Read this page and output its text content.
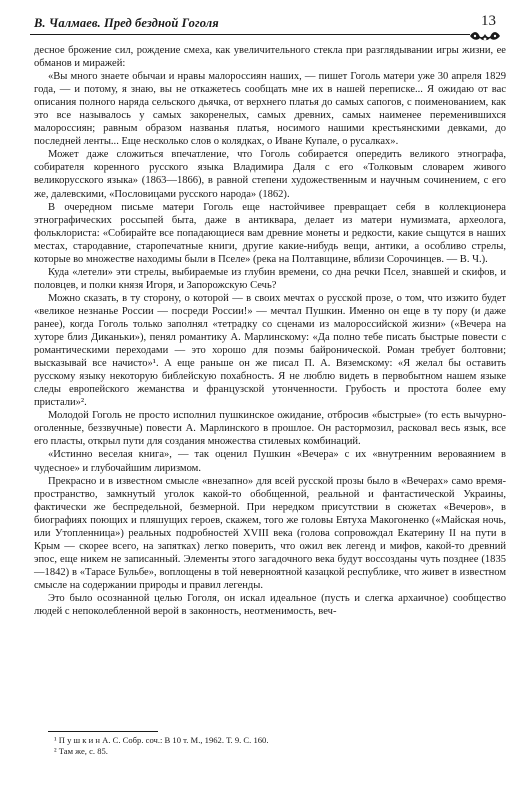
В. Чалмаев. Пред бездной Гоголя	13

десное брожение сил, рождение смеха, как увеличительного стекла при разглядывании игры жизни, ее обманов и миражей:

«Вы много знаете обычаи и нравы малороссиян наших, — пишет Гоголь матери уже 30 апреля 1829 года, — и потому, я знаю, вы не откажетесь сообщать мне их в нашей переписке... Я ожидаю от вас описания полного наряда сельского дьячка, от верхнего платья до самых сапогов, с поименованием, как это все называлось у самых закоренелых, самых древних, самых наименее переменившихся малороссиян; равным образом названья платья, носимого нашими крестьянскими девками, до последней ленты... Еще несколько слов о колядках, о Иване Купале, о русалках».

Может даже сложиться впечатление, что Гоголь собирается опередить великого этнографа, собирателя коренного русского языка Владимира Даля с его «Толковым словарем живого великорусского языка» (1863—1866), в равной степени художественным и научным сочинением, с его же, далевскими, «Пословицами русского народа» (1862).

В очередном письме матери Гоголь еще настойчивее превращает себя в коллекционера этнографических россыпей быта, даже в антиквара, делает из матери нумизмата, археолога, фольклориста: «Собирайте все попадающиеся вам древние монеты и редкости, какие сыщутся в наших местах, стародавние, старопечатные книги, другие какие-нибудь вещи, антики, а особливо стрелы, которые во множестве находимы были в Пселе» (река на Полтавщине, вблизи Сорочинцев. — В. Ч.).

Куда «летели» эти стрелы, выбираемые из глубин времени, со дна речки Псел, знавшей и скифов, и половцев, и полки князя Игоря, и Запорожскую Сечь?

Можно сказать, в ту сторону, о которой — в своих мечтах о русской прозе, о том, что изжито будет «великое незнанье России — посреди России!» — мечтал Пушкин. Именно он еще в ту пору (и даже ранее), когда Гоголь только заполнял «тетрадку со сценами из малороссийской жизни» («Вечера на хуторе близ Диканьки»), пенял романтику А. Марлинскому: «Да полно тебе писать быстрые повести с романтическими переходами — это хорошо для поэмы байронической. Роман требует болтовни; высказывай все начисто»¹. А еще раньше он же писал П. А. Вяземскому: «Я желал бы оставить русскому языку некоторую библейскую похабность. Я не люблю видеть в первобытном нашем языке следы европейского жеманства и французской утонченности. Грубость и простота более ему пристали»².

Молодой Гоголь не просто исполнил пушкинское ожидание, отбросив «быстрые» (то есть вычурно-оголенные, беззвучные) повести А. Марлинского в прошлое. Он растормозил, расковал весь язык, все его пласты, открыл пути для создания множества стилевых комбинаций.

«Истинно веселая книга», — так оценил Пушкин «Вечера» с их «внутренним вероваянием в чудесное» и глубочайшим лиризмом.

Прекрасно и в известном смысле «внезапно» для всей русской прозы было в «Вечерах» само время-пространство, замкнутый уголок какой-то обобщенной, реальной и фантастической Украины, фактически же беспредельной, безмерной. При нередком присутствии в сюжетах «Вечеров», в биографиях поющих и пляшущих героев, скажем, того же головы Евтуха Макогоненко («Майская ночь, или Утопленница») реальных подробностей XVIII века (голова сопровождал Екатерину II на пути в Крым — скорее всего, на запятках) легко поверить, что ожил век легенд и мифов, какой-то древний эпос, еще никем не записанный. Элементы этого загадочного века будут воссозданы чуть позднее (1835—1842) в «Тарасе Бульбе», воплощены в той неверноятной казацкой республике, что живет в известном смысле на содержании природы и правил легенды.

Это было осознанной целью Гоголя, он искал идеальное (пусть и слегка архаичное) сообщество людей с непоколебленной верой в законность, неотменимость, веч-

¹ П у ш к и н А. С. Собр. соч.: В 10 т. М., 1962. Т. 9. С. 160.
² Там же, с. 85.
